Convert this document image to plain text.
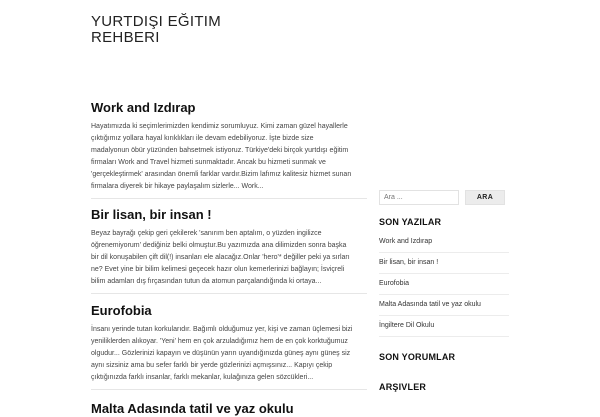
YURTDIŞI EĞITIM
REHBERI
Work and Izdırap

Hayatımızda ki seçimlerimizden kendimiz sorumluyuz. Kimi zaman güzel hayallerle
çıktığımız yollara hayal kırıklıkları ile devam edebiliyoruz. İşte bizde size
madalyonun öbür yüzünden bahsetmek istiyoruz. Türkiye'deki birçok yurtdışı eğitim
firmaları Work and Travel hizmeti sunmaktadır. Ancak bu hizmeti sunmak ve
'gerçekleştirmek' arasından önemli farklar vardır.Bizim lafımız kalitesiz hizmet sunan
firmalara diyerek bir hikaye paylaşalım sizlerle... Work...

Bir lisan, bir insan !

Beyaz bayrağı çekip geri çekilerek 'sanırım ben aptalım, o yüzden ingilizce
öğrenemiyorum' dediğiniz belki olmuştur.Bu yazımızda ana dilimizden sonra başka
bir dil konuşabilen çift dil(!) insanları ele alacağız.Onlar 'hero'* değiller peki ya sırları
ne? Evet yine bir bilim kelimesi geçecek hazır olun kemerlerinizi bağlayın; İsviçreli
bilim adamları dış fırçasından tutun da atomun parçalandığında ki ortaya...

Eurofobia

İnsanı yerinde tutan korkularıdır. Bağımlı olduğumuz yer, kişi ve zaman üçlemesi bizi
yeniliklerden alıkoyar. 'Yeni' hem en çok arzuladığımız hem de en çok korktuğumuz
olgudur... Gözlerinizi kapayın ve düşünün yarın uyandığınızda güneş aynı güneş siz
aynı sizsiniz ama bu sefer farklı bir yerde gözlerinizi açmışsınız... Kapıyı çekip
çıktığınızda farklı insanlar, farklı mekanlar, kulağınıza gelen sözcükleri...

Malta Adasında tatil ve yaz okulu
Ara ...
ARA
SON YAZILAR
Work and Izdırap
Bir lisan, bir insan !
Eurofobia
Malta Adasında tatil ve yaz okulu
İngiltere Dil Okulu
SON YORUMLAR
ARŞIVLER
